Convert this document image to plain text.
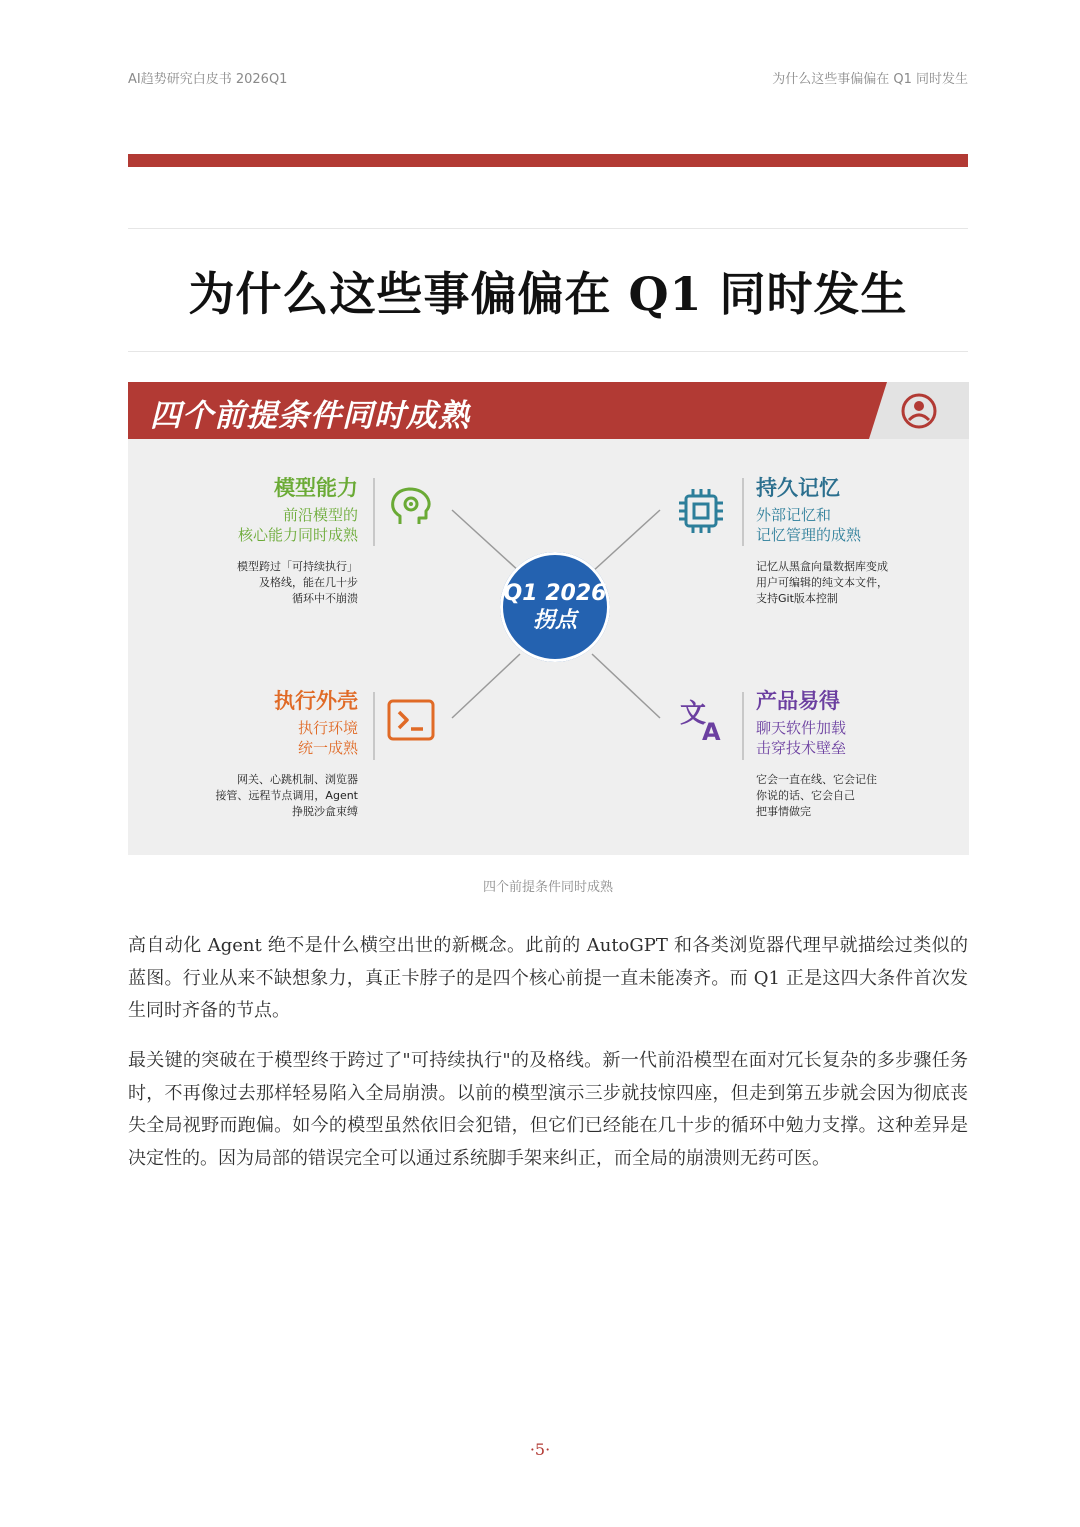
AI趋势研究白皮书 2026Q1	为什么这些事偏偏在 Q1 同时发生
为什么这些事偏偏在 Q1 同时发生
四个前提条件同时成熟
Q1 2026
拐点
模型能力
前沿模型的
核心能力同时成熟
模型跨过「可持续执行」
及格线，能在几十步
循环中不崩溃
持久记忆
外部记忆和
记忆管理的成熟
记忆从黑盒向量数据库变成
用户可编辑的纯文本文件，
支持Git版本控制
执行外壳
执行环境
统一成熟
网关、心跳机制、浏览器
接管、远程节点调用，Agent
挣脱沙盒束缚
产品易得
聊天软件加载
击穿技术壁垒
它会一直在线、它会记住
你说的话、它会自己
把事情做完
文
A
四个前提条件同时成熟
高自动化 Agent 绝不是什么横空出世的新概念。此前的 AutoGPT 和各类浏览器代理早就描绘过类似的蓝图。行业从来不缺想象力，真正卡脖子的是四个核心前提一直未能凑齐。而 Q1 正是这四大条件首次发生同时齐备的节点。
最关键的突破在于模型终于跨过了"可持续执行"的及格线。新一代前沿模型在面对冗长复杂的多步骤任务时，不再像过去那样轻易陷入全局崩溃。以前的模型演示三步就技惊四座，但走到第五步就会因为彻底丧失全局视野而跑偏。如今的模型虽然依旧会犯错，但它们已经能在几十步的循环中勉力支撑。这种差异是决定性的。因为局部的错误完全可以通过系统脚手架来纠正，而全局的崩溃则无药可医。
·5·
